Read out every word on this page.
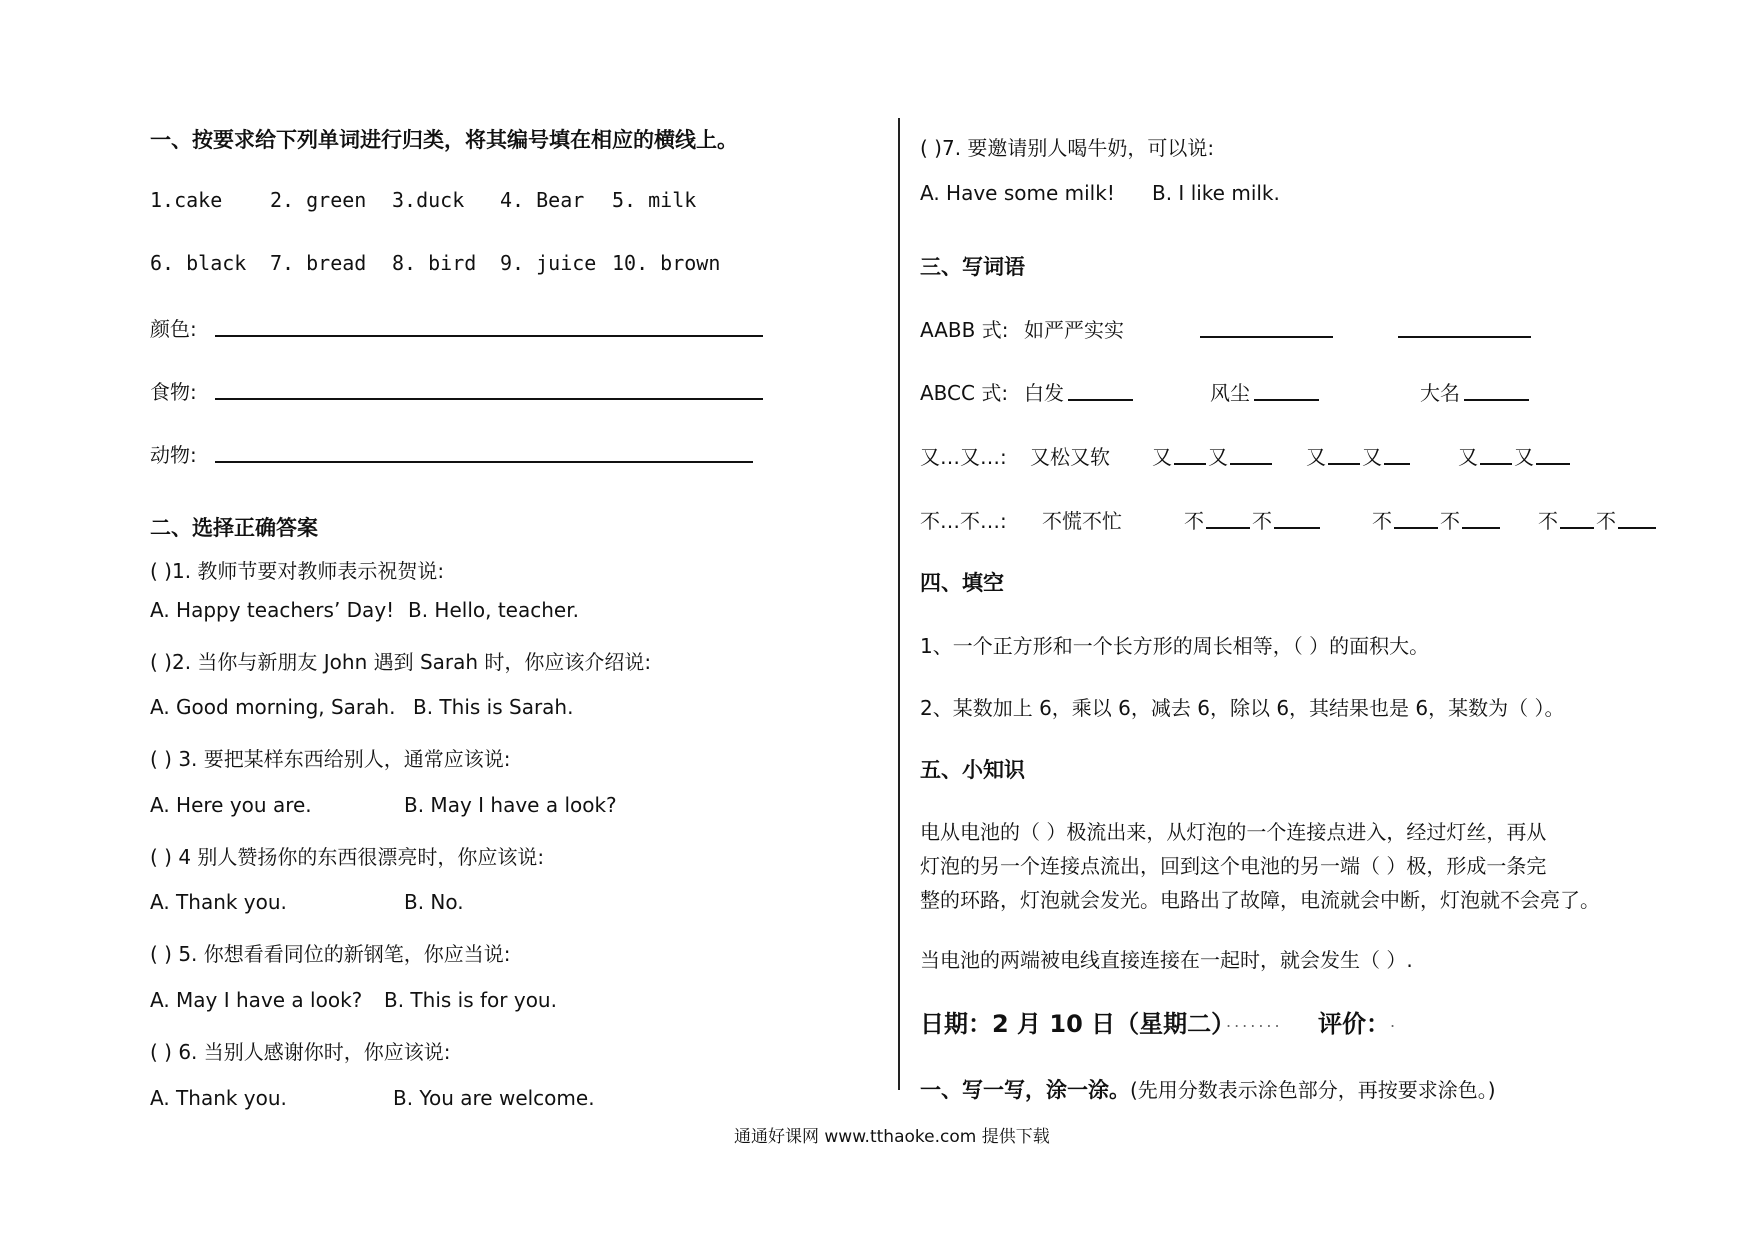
一、按要求给下列单词进行归类，将其编号填在相应的横线上。
1.cake 2. green 3.duck 4. Bear 5. milk
6. black 7. bread 8. bird 9. juice 10. brown
颜色:
食物:
动物:
二、选择正确答案
( )1. 教师节要对教师表示祝贺说:
A. Happy teachers’ Day! B. Hello, teacher.
( )2. 当你与新朋友 John 遇到 Sarah 时，你应该介绍说:
A. Good morning, Sarah. B. This is Sarah.
( ) 3. 要把某样东西给别人，通常应该说:
A. Here you are.	B. May I have a look?
( ) 4 别人赞扬你的东西很漂亮时，你应该说:
A. Thank you.	B. No.
( ) 5. 你想看看同位的新钢笔，你应当说:
A. May I have a look? B. This is for you.
( ) 6. 当别人感谢你时，你应该说:
A. Thank you.	B. You are welcome.
( )7. 要邀请别人喝牛奶，可以说:
A. Have some milk! B. I like milk.
三、写词语
AABB 式: 如严严实实
ABCC 式: 白发	风尘	大名
又…又…: 又松又软 又 又	又 又	又 又
不…不…: 不慌不忙	不 不	不 不	不 不
四、填空
1、一个正方形和一个长方形的周长相等，（ ）的面积大。
2、某数加上 6，乘以 6，减去 6，除以 6，其结果也是 6，某数为（ ）。
五、小知识
电从电池的（ ）极流出来，从灯泡的一个连接点进入，经过灯丝，再从
灯泡的另一个连接点流出，回到这个电池的另一端（ ）极，形成一条完
整的环路，灯泡就会发光。电路出了故障，电流就会中断，灯泡就不会亮了。
当电池的两端被电线直接连接在一起时，就会发生（ ）.
日期：2 月 10 日（星期二）
....... 评价： .
一、写一写，涂一涂。(先用分数表示涂色部分，再按要求涂色。)
通通好课网 www.tthaoke.com 提供下载
